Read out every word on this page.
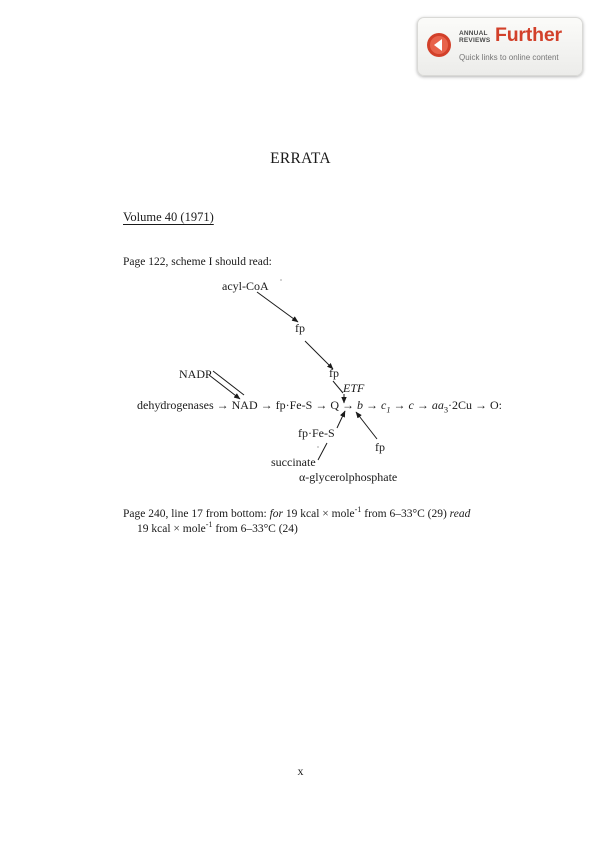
ANNUAL
REVIEWS Further
Quick links to online content
ERRATA
Volume 40 (1971)
Page 122, scheme I should read:
acyl-CoA
fp
fp
NADP
ETF
dehydrogenases → NAD → $fp\cdot Fe-S \to Q \to b \to c_1 \to c \to aa_3\cdot 2Cu \to O$:
fp·Fe-S
fp
succinate
α-glycerolphosphate
Page 240, line 17 from bottom: for 19 kcal × mole$^{-1}$ from 6–33°C (29) read
19 kcal × mole$^{-1}$ from 6–33°C (24)
x
